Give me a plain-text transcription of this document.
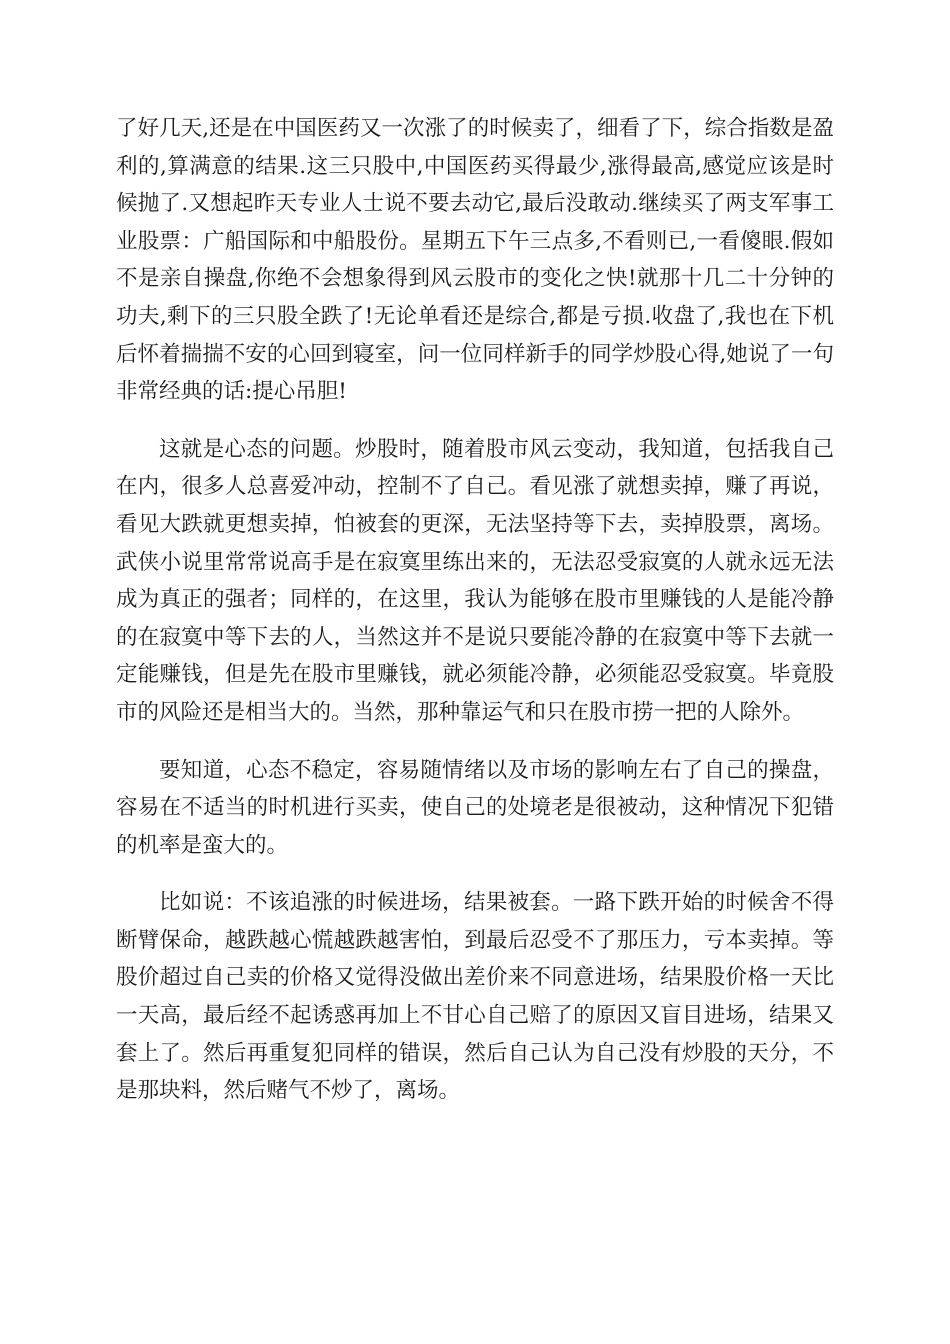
了好几天,还是在中国医药又一次涨了的时候卖了，细看了下，综合指数是盈利的,算满意的结果.这三只股中,中国医药买得最少,涨得最高,感觉应该是时候抛了.又想起昨天专业人士说不要去动它,最后没敢动.继续买了两支军事工业股票：广船国际和中船股份。星期五下午三点多,不看则已,一看傻眼.假如不是亲自操盘,你绝不会想象得到风云股市的变化之快!就那十几二十分钟的功夫,剩下的三只股全跌了!无论单看还是综合,都是亏损.收盘了,我也在下机后怀着揣揣不安的心回到寝室，问一位同样新手的同学炒股心得,她说了一句非常经典的话:提心吊胆!

这就是心态的问题。炒股时，随着股市风云变动，我知道，包括我自己在内，很多人总喜爱冲动，控制不了自己。看见涨了就想卖掉，赚了再说，看见大跌就更想卖掉，怕被套的更深，无法坚持等下去，卖掉股票，离场。武侠小说里常常说高手是在寂寞里练出来的，无法忍受寂寞的人就永远无法成为真正的强者；同样的，在这里，我认为能够在股市里赚钱的人是能冷静的在寂寞中等下去的人，当然这并不是说只要能冷静的在寂寞中等下去就一定能赚钱，但是先在股市里赚钱，就必须能冷静，必须能忍受寂寞。毕竟股市的风险还是相当大的。当然，那种靠运气和只在股市捞一把的人除外。

要知道，心态不稳定，容易随情绪以及市场的影响左右了自己的操盘，容易在不适当的时机进行买卖，使自己的处境老是很被动，这种情况下犯错的机率是蛮大的。

比如说：不该追涨的时候进场，结果被套。一路下跌开始的时候舍不得断臂保命，越跌越心慌越跌越害怕，到最后忍受不了那压力，亏本卖掉。等股价超过自己卖的价格又觉得没做出差价来不同意进场，结果股价格一天比一天高，最后经不起诱惑再加上不甘心自己赔了的原因又盲目进场，结果又套上了。然后再重复犯同样的错误，然后自己认为自己没有炒股的天分，不是那块料，然后赌气不炒了，离场。
